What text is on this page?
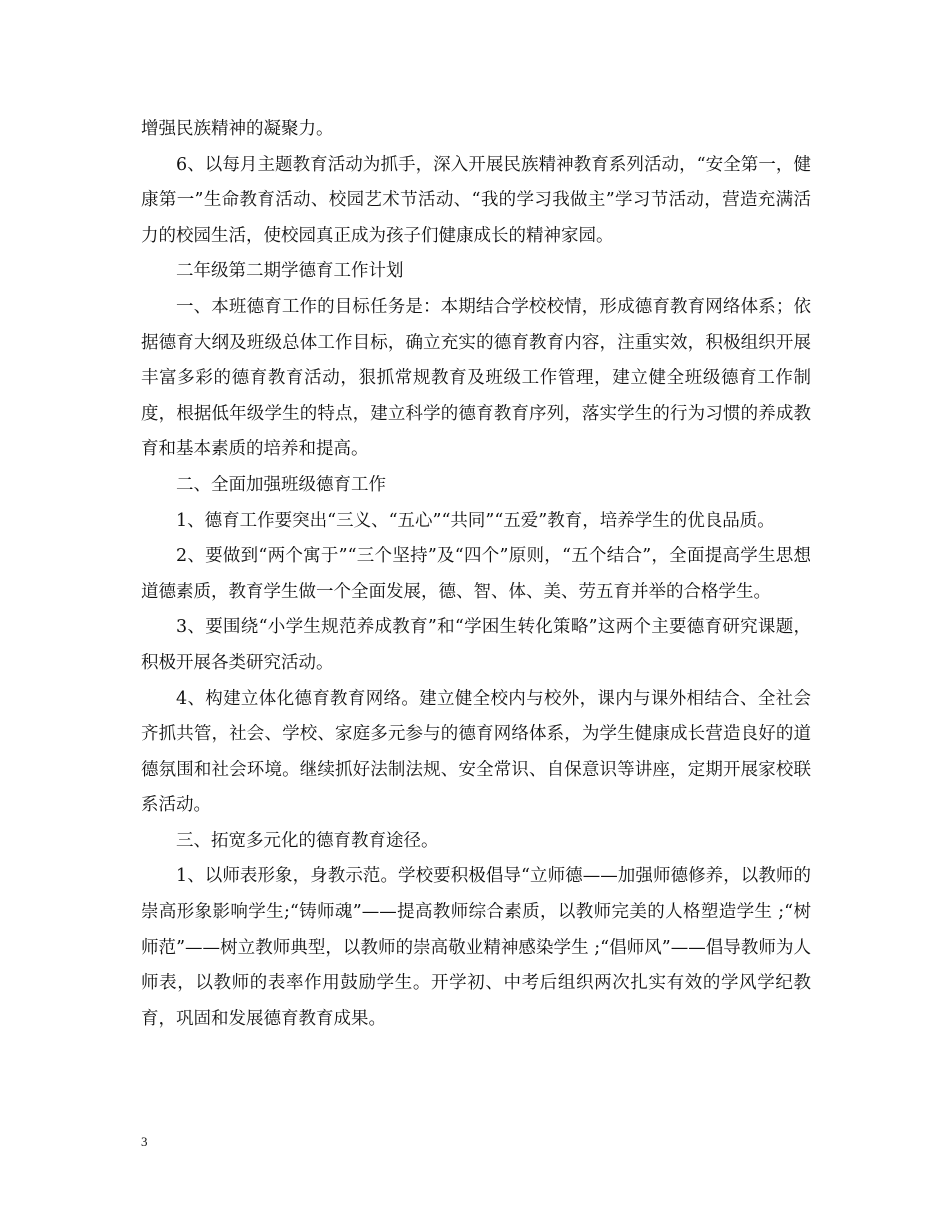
增强民族精神的凝聚力。

6、以每月主题教育活动为抓手，深入开展民族精神教育系列活动，“安全第一，健康第一”生命教育活动、校园艺术节活动、“我的学习我做主”学习节活动，营造充满活力的校园生活，使校园真正成为孩子们健康成长的精神家园。

二年级第二期学德育工作计划

一、本班德育工作的目标任务是：本期结合学校校情，形成德育教育网络体系；依据德育大纲及班级总体工作目标，确立充实的德育教育内容，注重实效，积极组织开展丰富多彩的德育教育活动，狠抓常规教育及班级工作管理，建立健全班级德育工作制度，根据低年级学生的特点，建立科学的德育教育序列，落实学生的行为习惯的养成教育和基本素质的培养和提高。

二、全面加强班级德育工作

1、德育工作要突出“三义、“五心”“共同”“五爱”教育，培养学生的优良品质。

2、要做到“两个寓于”“三个坚持”及“四个”原则，“五个结合”，全面提高学生思想道德素质，教育学生做一个全面发展，德、智、体、美、劳五育并举的合格学生。

3、要围绕“小学生规范养成教育”和“学困生转化策略”这两个主要德育研究课题，积极开展各类研究活动。

4、构建立体化德育教育网络。建立健全校内与校外，课内与课外相结合、全社会齐抓共管，社会、学校、家庭多元参与的德育网络体系，为学生健康成长营造良好的道德氛围和社会环境。继续抓好法制法规、安全常识、自保意识等讲座，定期开展家校联系活动。

三、拓宽多元化的德育教育途径。

1、以师表形象，身教示范。学校要积极倡导“立师德——加强师德修养，以教师的崇高形象影响学生;“铸师魂”——提高教师综合素质，以教师完美的人格塑造学生 ;“树师范”——树立教师典型，以教师的崇高敬业精神感染学生 ;“倡师风”——倡导教师为人师表，以教师的表率作用鼓励学生。开学初、中考后组织两次扎实有效的学风学纪教育，巩固和发展德育教育成果。

3
